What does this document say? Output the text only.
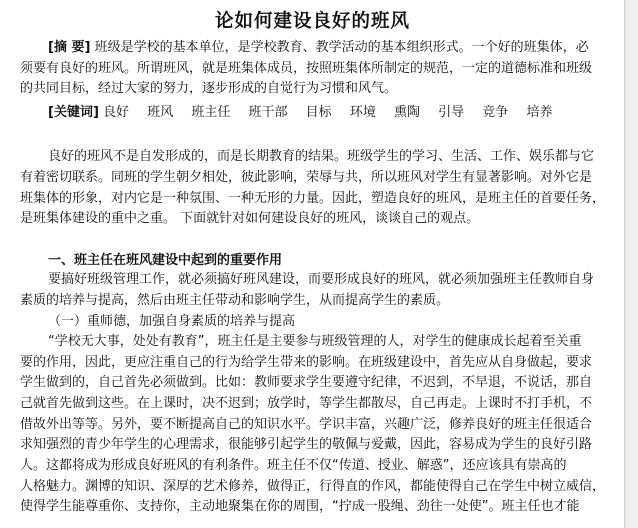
论如何建设良好的班风
[摘 要] 班级是学校的基本单位，是学校教育、教学活动的基本组织形式。一个好的班集体，必
须要有良好的班风。所谓班风，就是班集体成员，按照班集体所制定的规范，一定的道德标准和班级
的共同目标，经过大家的努力，逐步形成的自觉行为习惯和风气。
[关键词] 良好 班风 班主任 班干部 目标 环境 熏陶 引导 竞争 培养
良好的班风不是自发形成的，而是长期教育的结果。班级学生的学习、生活、工作、娱乐都与它
有着密切联系。同班的学生朝夕相处，彼此影响，荣辱与共，所以班风对学生有显著影响。对外它是
班集体的形象，对内它是一种氛围、一种无形的力量。因此，塑造良好的班风，是班主任的首要任务，
是班集体建设的重中之重。 下面就针对如何建设良好的班风，谈谈自己的观点。
一、班主任在班风建设中起到的重要作用
要搞好班级管理工作，就必须搞好班风建设，而要形成良好的班风，就必须加强班主任教师自身
素质的培养与提高，然后由班主任带动和影响学生，从而提高学生的素质。
（一）重师德，加强自身素质的培养与提高
“学校无大事，处处有教育”，班主任是主要参与班级管理的人，对学生的健康成长起着至关重
要的作用，因此，更应注重自己的行为给学生带来的影响。在班级建设中，首先应从自身做起，要求
学生做到的，自己首先必须做到。比如：教师要求学生要遵守纪律，不迟到，不早退，不说话，那自
己就首先做到这些。在上课时，决不迟到；放学时，等学生都散尽，自己再走。上课时不打手机，不
借故外出等等。另外，要不断提高自己的知识水平。学识丰富，兴趣广泛，修养良好的班主任很适合
求知强烈的青少年学生的心理需求，很能够引起学生的敬佩与爱戴，因此，容易成为学生的良好引路
人。这都将成为形成良好班风的有利条件。班主任不仅“传道、授业、解惑”，还应该具有崇高的
人格魅力。渊博的知识、深厚的艺术修养，做得正，行得直的作风，都能使得自己在学生中树立威信，
使得学生能尊重你、支持你，主动地聚集在你的周围，“拧成一股绳、劲往一处使”。班主任也才能
